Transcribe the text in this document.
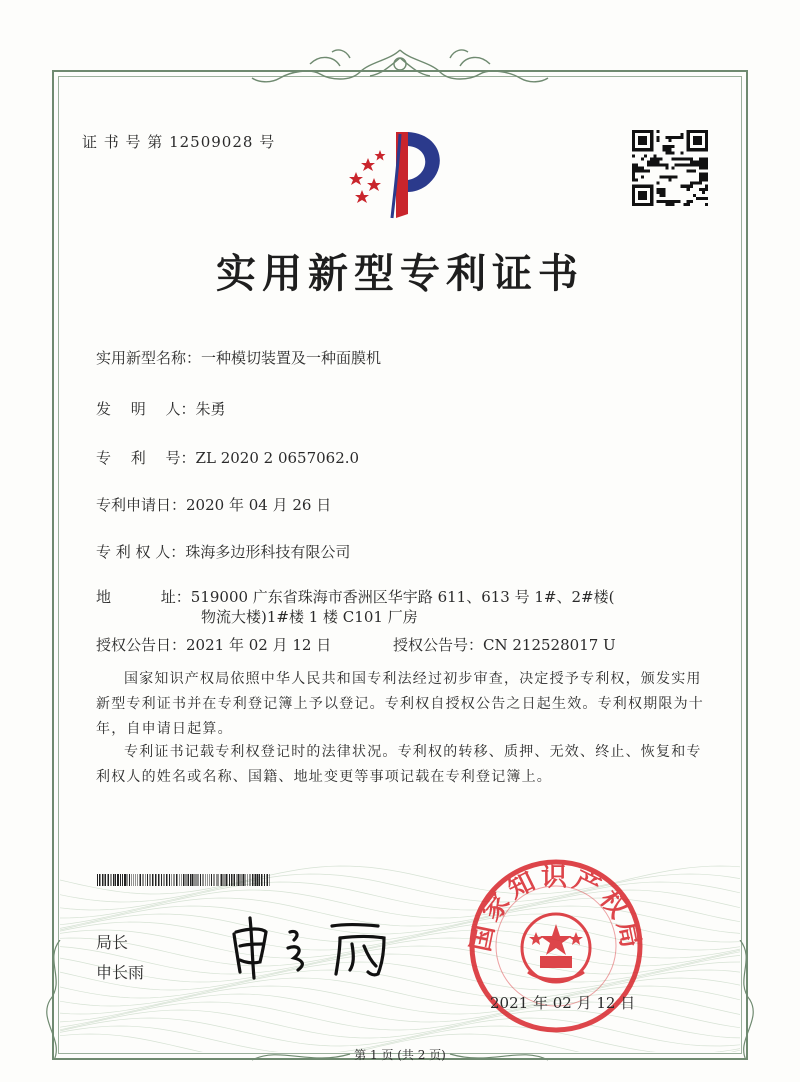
证 书 号 第 12509028 号
实用新型专利证书
实用新型名称：一种模切装置及一种面膜机
发　 明　 人：朱勇
专　 利　 号：ZL 2020 2 0657062.0
专利申请日：2020 年 04 月 26 日
专 利 权 人：珠海多边形科技有限公司
地　　　 址：519000 广东省珠海市香洲区华宇路 611、613 号 1#、2#楼(
物流大楼)1#楼 1 楼 C101 厂房
授权公告日：2021 年 02 月 12 日	授权公告号：CN 212528017 U
国家知识产权局依照中华人民共和国专利法经过初步审查，决定授予专利权，颁发实用新型专利证书并在专利登记簿上予以登记。专利权自授权公告之日起生效。专利权期限为十年，自申请日起算。
专利证书记载专利权登记时的法律状况。专利权的转移、质押、无效、终止、恢复和专利权人的姓名或名称、国籍、地址变更等事项记载在专利登记簿上。
局长
申长雨
国家知识产权局
2021 年 02 月 12 日
第 1 页 (共 2 页)
